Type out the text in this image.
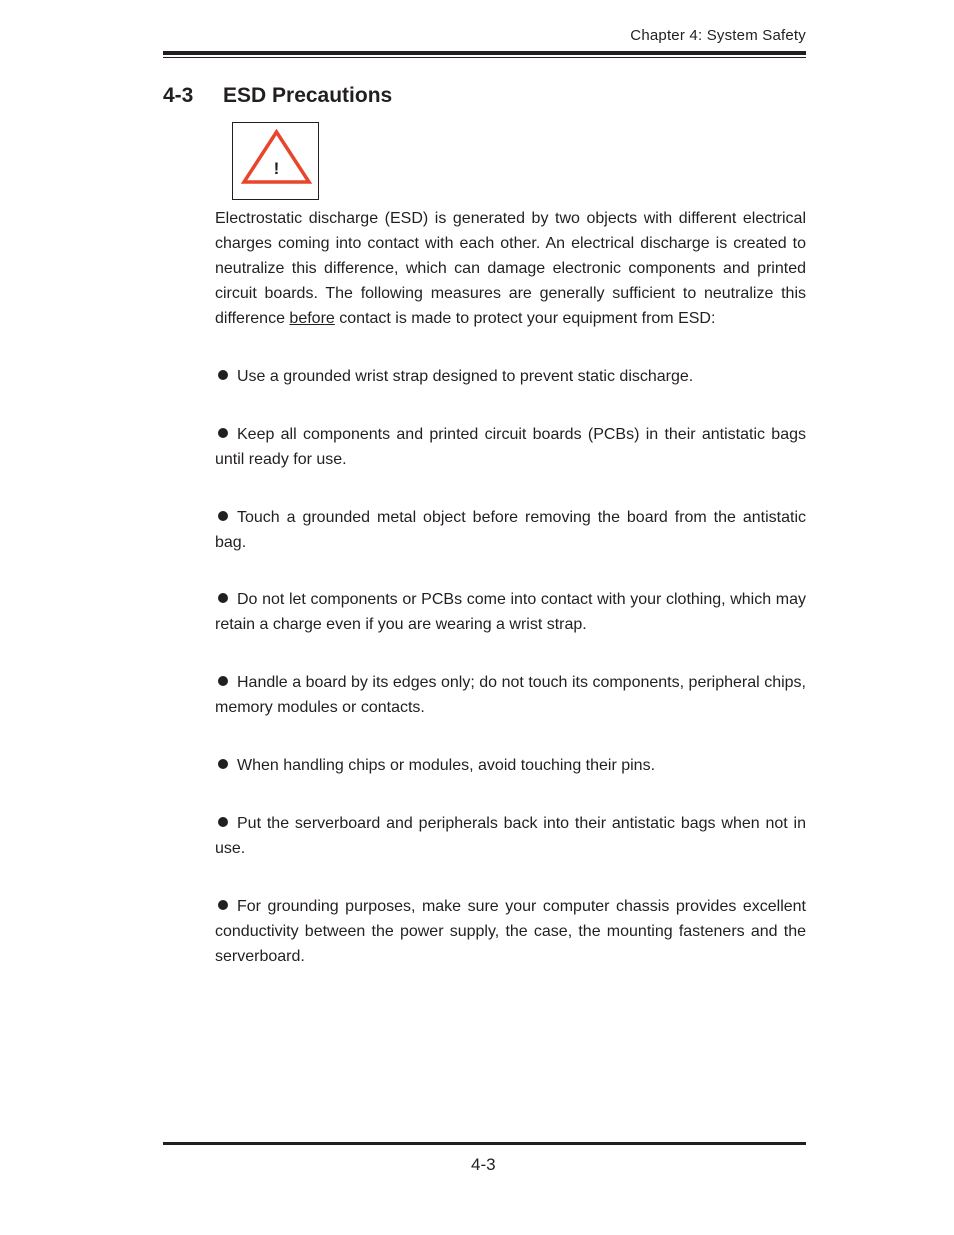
Chapter 4: System Safety
4-3 ESD Precautions
!

Electrostatic discharge (ESD) is generated by two objects with different electrical charges coming into contact with each other. An electrical discharge is created to neutralize this difference, which can damage electronic components and printed circuit boards. The following measures are generally sufficient to neutralize this difference before contact is made to protect your equipment from ESD:

Use a grounded wrist strap designed to prevent static discharge.

Keep all components and printed circuit boards (PCBs) in their antistatic bags until ready for use.

Touch a grounded metal object before removing the board from the antistatic bag.

Do not let components or PCBs come into contact with your clothing, which may retain a charge even if you are wearing a wrist strap.

Handle a board by its edges only; do not touch its components, peripheral chips, memory modules or contacts.

When handling chips or modules, avoid touching their pins.

Put the serverboard and peripherals back into their antistatic bags when not in use.

For grounding purposes, make sure your computer chassis provides excellent conductivity between the power supply, the case, the mounting fasteners and the serverboard.

4-3
